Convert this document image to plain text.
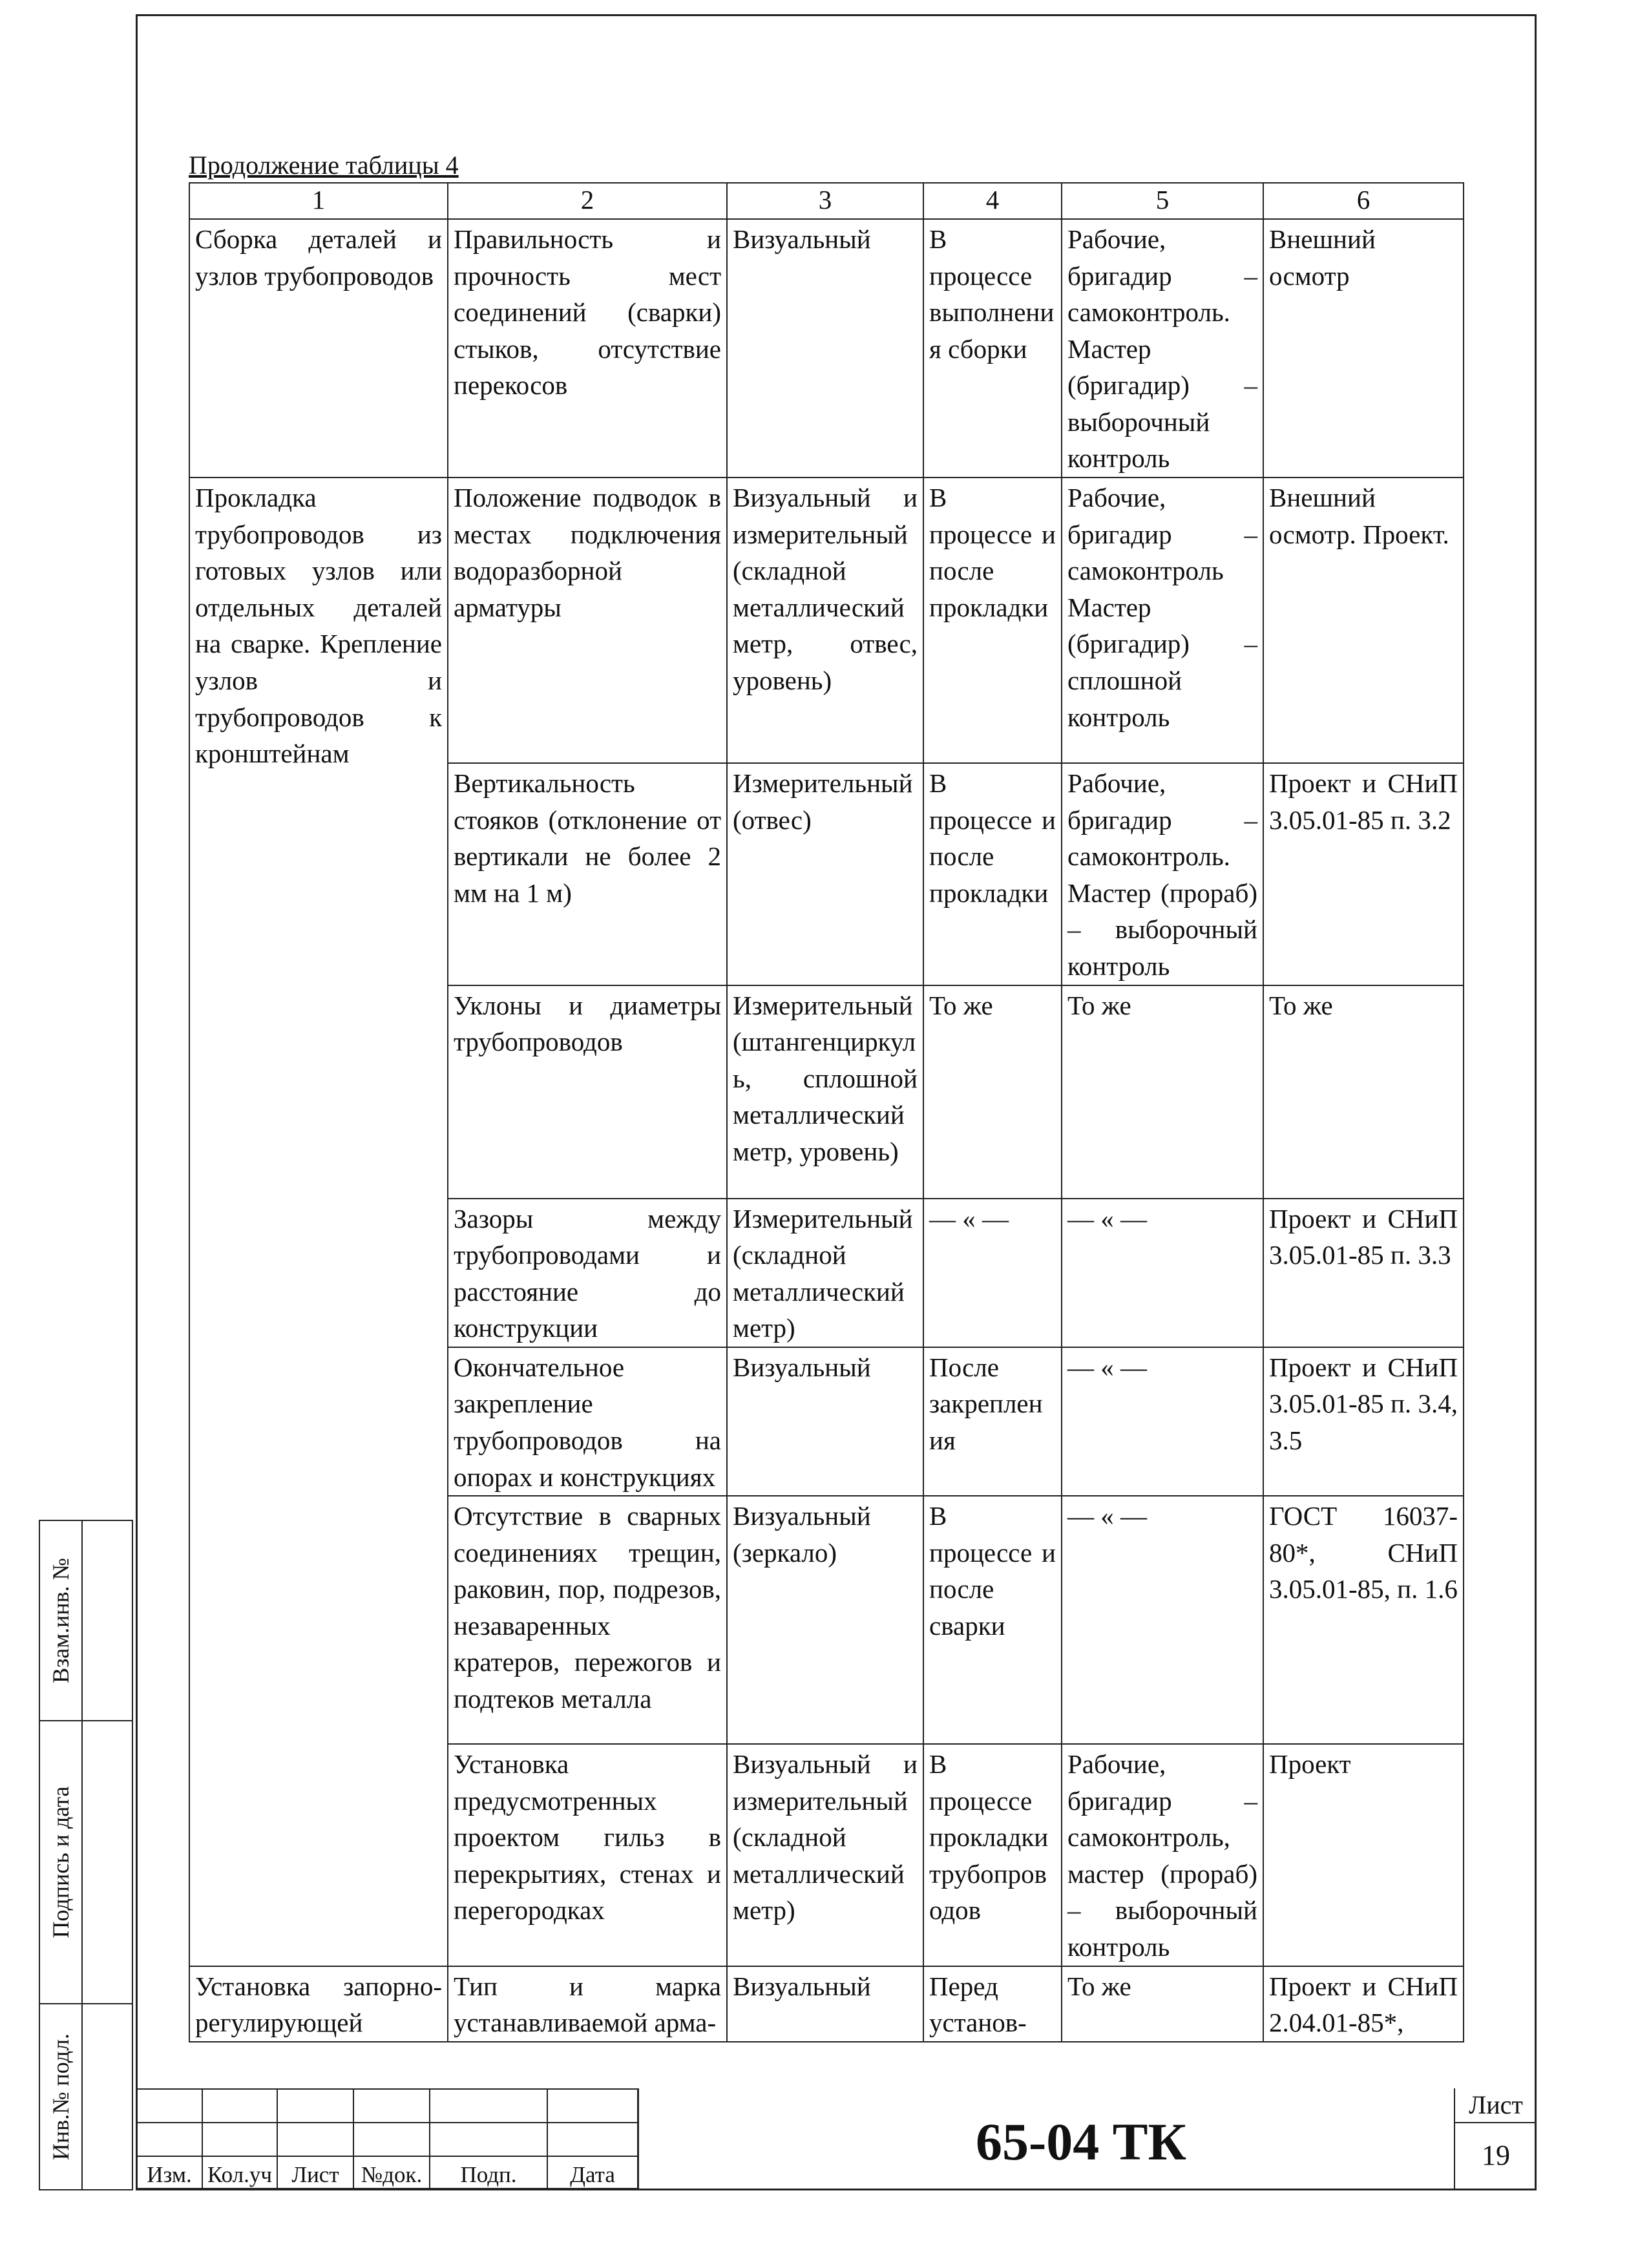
Продолжение таблицы 4
1	2	3	4	5	6
Сборка деталей и узлов трубопроводов	Правильность и прочность мест соединений (сварки) стыков, отсутствие перекосов	Визуальный	В процессе выполнения сборки	Рабочие, бригадир – самоконтроль. Мастер (бригадир) – выборочный контроль	Внешний осмотр
Прокладка трубопроводов из готовых узлов или отдельных деталей на сварке. Крепление узлов и трубопроводов к кронштейнам	Положение подводок в местах подключения водоразборной арматуры	Визуальный и измерительный (складной металлический метр, отвес, уровень)	В процессе и после прокладки	Рабочие, бригадир – самоконтроль Мастер (бригадир) – сплошной контроль	Внешний осмотр. Проект.
	Вертикальность стояков (отклонение от вертикали не более 2 мм на 1 м)	Измерительный (отвес)	В процессе и после прокладки	Рабочие, бригадир – самоконтроль. Мастер (прораб) – выборочный контроль	Проект и СНиП 3.05.01-85 п. 3.2
	Уклоны и диаметры трубопроводов	Измерительный (штангенциркуль, сплошной металлический метр, уровень)	То же	То же	То же
	Зазоры между трубопроводами и расстояние до конструкции	Измерительный (складной металлический метр)	— « —	— « —	Проект и СНиП 3.05.01-85 п. 3.3
	Окончательное закрепление трубопроводов на опорах и конструкциях	Визуальный	После закрепления	— « —	Проект и СНиП 3.05.01-85 п. 3.4, 3.5
	Отсутствие в сварных соединениях трещин, раковин, пор, подрезов, незаваренных кратеров, пережогов и подтеков металла	Визуальный (зеркало)	В процессе и после сварки	— « —	ГОСТ 16037-80*, СНиП 3.05.01-85, п. 1.6
	Установка предусмотренных проектом гильз в перекрытиях, стенах и перегородках	Визуальный и измерительный (складной металлический метр)	В процессе прокладки трубопроводов	Рабочие, бригадир – самоконтроль, мастер (прораб) – выборочный контроль	Проект
Установка запорно-регулирующей	Тип и марка устанавливаемой арма-	Визуальный	Перед установ-	То же	Проект и СНиП 2.04.01-85*,
Взам.инв. №
Подпись и дата
Инв.№ подл.

Изм.	Кол.уч	Лист	№док.	Подп.	Дата
65-04 ТК
Лист
19
